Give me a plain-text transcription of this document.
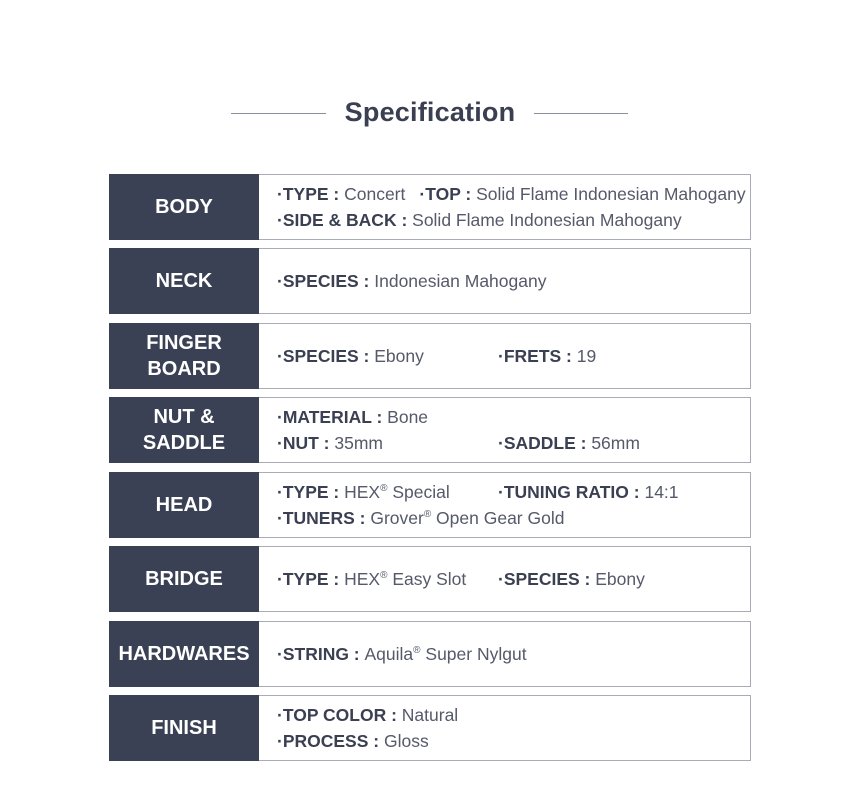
Specification
BODY
·TYPE : Concert ·TOP : Solid Flame Indonesian Mahogany
·SIDE & BACK : Solid Flame Indonesian Mahogany
NECK	·SPECIES : Indonesian Mahogany
FINGER
BOARD
·SPECIES : Ebony	·FRETS : 19
NUT &
SADDLE
·MATERIAL : Bone
·NUT : 35mm	·SADDLE : 56mm
HEAD
·TYPE : HEX® Special	·TUNING RATIO : 14:1
·TUNERS : Grover® Open Gear Gold
BRIDGE	·TYPE : HEX® Easy Slot ·SPECIES : Ebony
HARDWARES	·STRING : Aquila® Super Nylgut
FINISH
·TOP COLOR : Natural
·PROCESS : Gloss
